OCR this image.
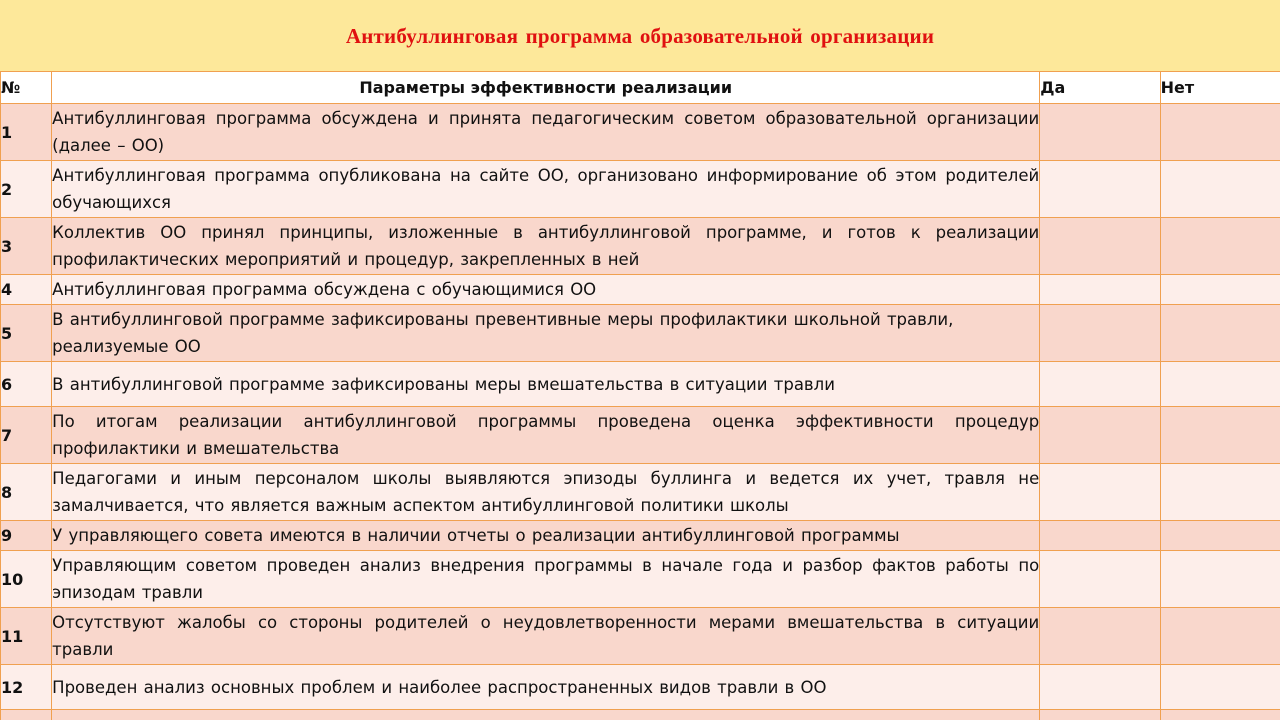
Антибуллинговая программа образовательной организации
№	Параметры эффективности реализации	Да	Нет
1	Антибуллинговая программа обсуждена и принята педагогическим советом образовательной организации (далее – ОО)		
2	Антибуллинговая программа опубликована на сайте ОО, организовано информирование об этом родителей обучающихся		
3	Коллектив ОО принял принципы, изложенные в антибуллинговой программе, и готов к реализации профилактических мероприятий и процедур, закрепленных в ней		
4	Антибуллинговая программа обсуждена с обучающимися ОО		
5	В антибуллинговой программе зафиксированы превентивные меры профилактики школьной травли, реализуемые ОО		
6	В антибуллинговой программе зафиксированы меры вмешательства в ситуации травли		
7	По итогам реализации антибуллинговой программы проведена оценка эффективности процедур профилактики и вмешательства		
8	Педагогами и иным персоналом школы выявляются эпизоды буллинга и ведется их учет, травля не замалчивается, что является важным аспектом антибуллинговой политики школы		
9	У управляющего совета имеются в наличии отчеты о реализации антибуллинговой программы		
10	Управляющим советом проведен анализ внедрения программы в начале года и разбор фактов работы по эпизодам травли		
11	Отсутствуют жалобы со стороны родителей о неудовлетворенности мерами вмешательства в ситуации травли		
12	Проведен анализ основных проблем и наиболее распространенных видов травли в ОО		
